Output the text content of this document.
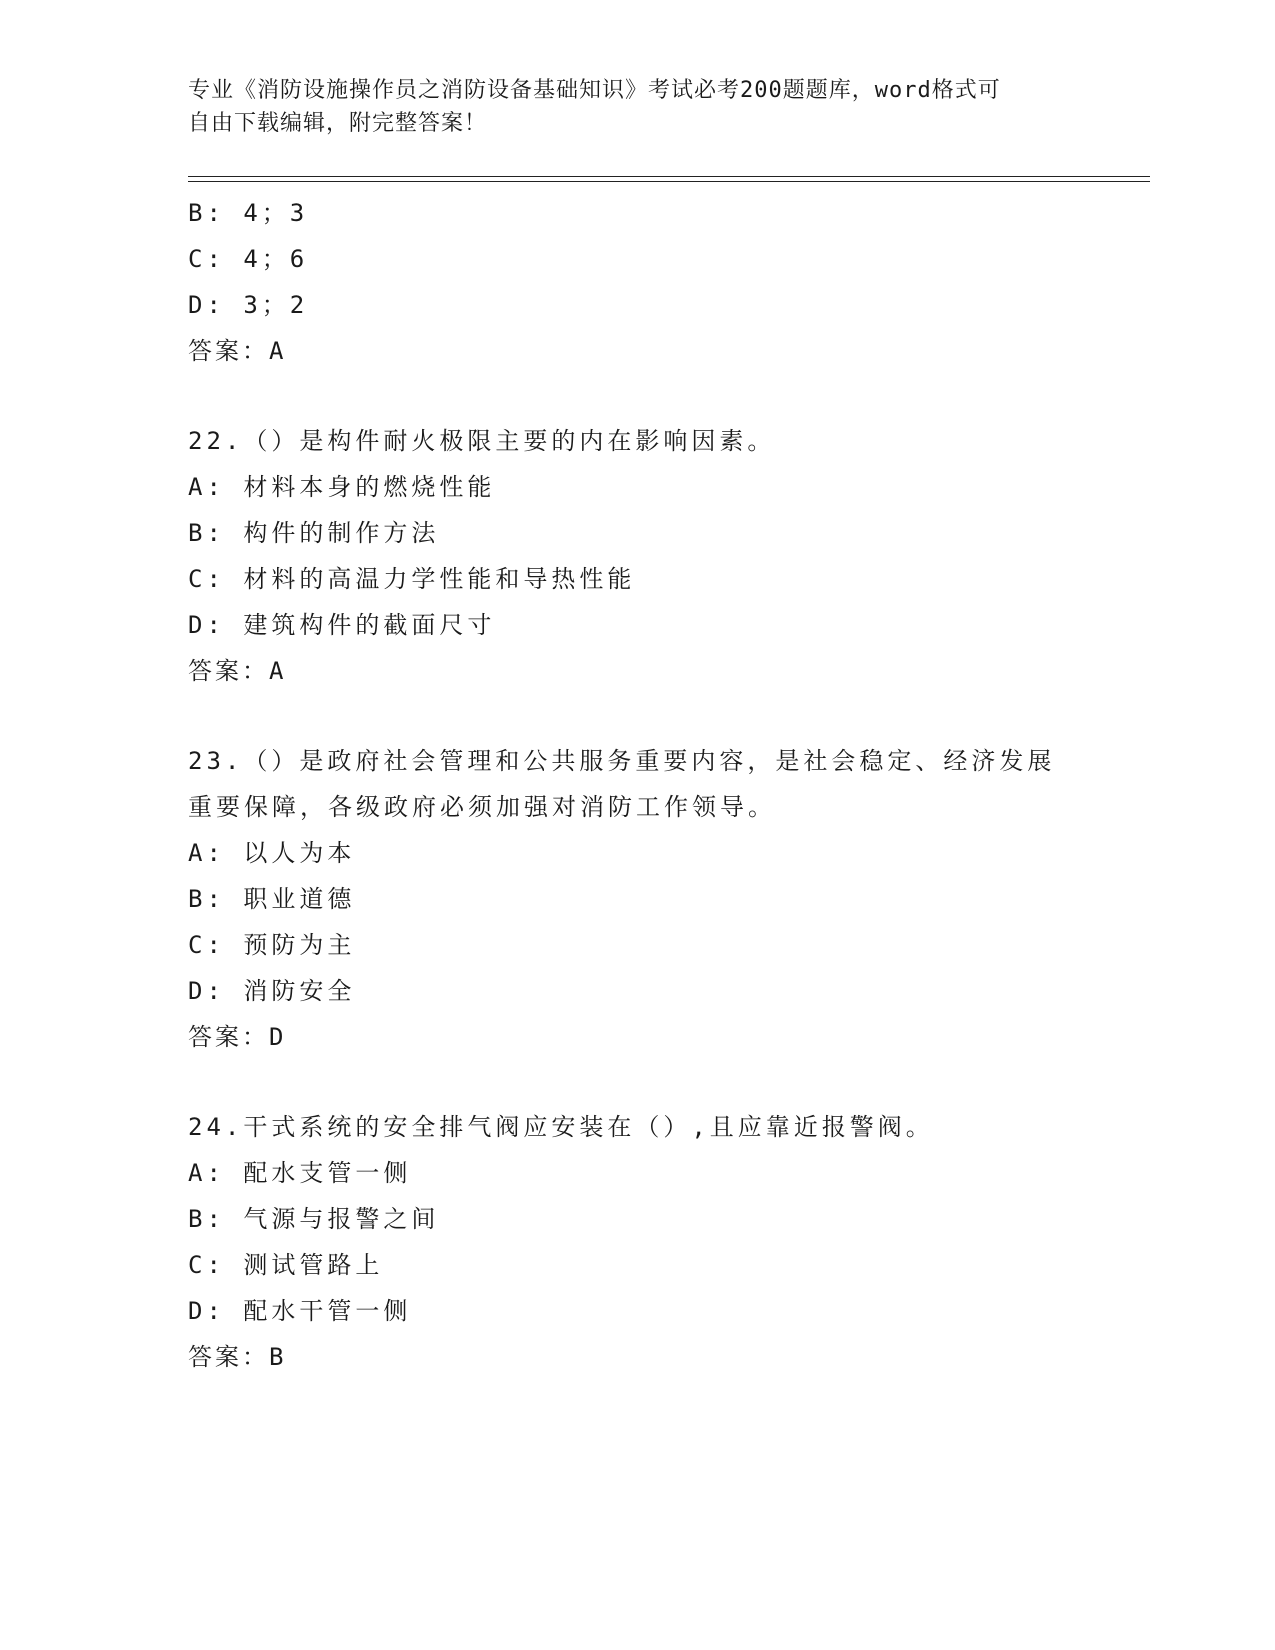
专业《消防设施操作员之消防设备基础知识》考试必考200题题库，word格式可
自由下载编辑，附完整答案！
B: 4；3
C: 4；6
D: 3；2
答案：A
22.（）是构件耐火极限主要的内在影响因素。
A: 材料本身的燃烧性能
B: 构件的制作方法
C: 材料的高温力学性能和导热性能
D: 建筑构件的截面尺寸
答案：A
23.（）是政府社会管理和公共服务重要内容，是社会稳定、经济发展
重要保障，各级政府必须加强对消防工作领导。
A: 以人为本
B: 职业道德
C: 预防为主
D: 消防安全
答案：D
24.干式系统的安全排气阀应安装在（）,且应靠近报警阀。
A: 配水支管一侧
B: 气源与报警之间
C: 测试管路上
D: 配水干管一侧
答案：B
